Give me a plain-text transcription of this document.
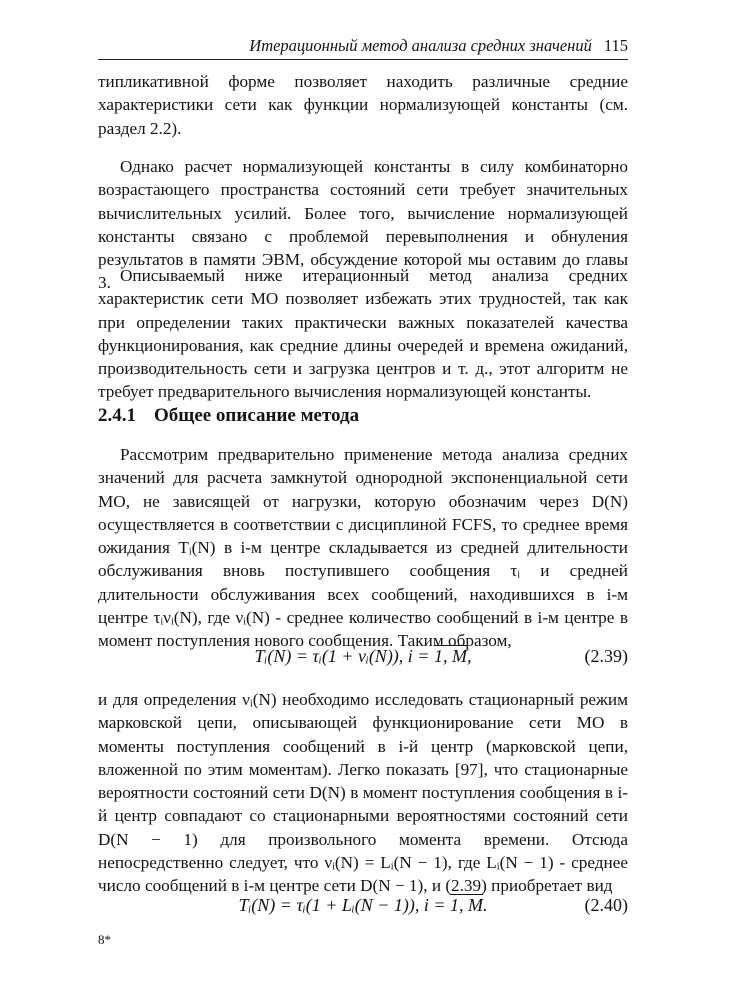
Итерационный метод анализа средних значений 115

типликативной форме позволяет находить различные средние характеристики сети как функции нормализующей константы (см. раздел 2.2).

Однако расчет нормализующей константы в силу комбинаторно возрастающего пространства состояний сети требует значительных вычислительных усилий. Более того, вычисление нормализующей константы связано с проблемой перевыполнения и обнуления результатов в памяти ЭВМ, обсуждение которой мы оставим до главы 3. Описываемый ниже итерационный метод анализа средних характеристик сети МО позволяет избежать этих трудностей, так как при определении таких практически важных показателей качества функционирования, как средние длины очередей и времена ожиданий, производительность сети и загрузка центров и т. д., этот алгоритм не требует предварительного вычисления нормализующей константы.

2.4.1 Общее описание метода

Рассмотрим предварительно применение метода анализа средних значений для расчета замкнутой однородной экспоненциальной сети МО, не зависящей от нагрузки, которую обозначим через D(N) осуществляется в соответствии с дисциплиной FCFS, то среднее время ожидания Tᵢ(N) в i-м центре складывается из средней длительности обслуживания вновь поступившего сообщения τᵢ и средней длительности обслуживания всех сообщений, находившихся в i-м центре τᵢνᵢ(N), где νᵢ(N) - среднее количество сообщений в i-м центре в момент поступления нового сообщения. Таким образом,

Tᵢ(N) = τᵢ(1 + νᵢ(N)), i = 1, M,	(2.39)

и для определения νᵢ(N) необходимо исследовать стационарный режим марковской цепи, описывающей функционирование сети МО в моменты поступления сообщений в i-й центр (марковской цепи, вложенной по этим моментам). Легко показать [97], что стационарные вероятности состояний сети D(N) в момент поступления сообщения в i-й центр совпадают со стационарными вероятностями состояний сети D(N − 1) для произвольного момента времени. Отсюда непосредственно следует, что νᵢ(N) = Lᵢ(N − 1), где Lᵢ(N − 1) - среднее число сообщений в i-м центре сети D(N − 1), и (2.39) приобретает вид

Tᵢ(N) = τᵢ(1 + Lᵢ(N − 1)), i = 1, M.	(2.40)
8*
